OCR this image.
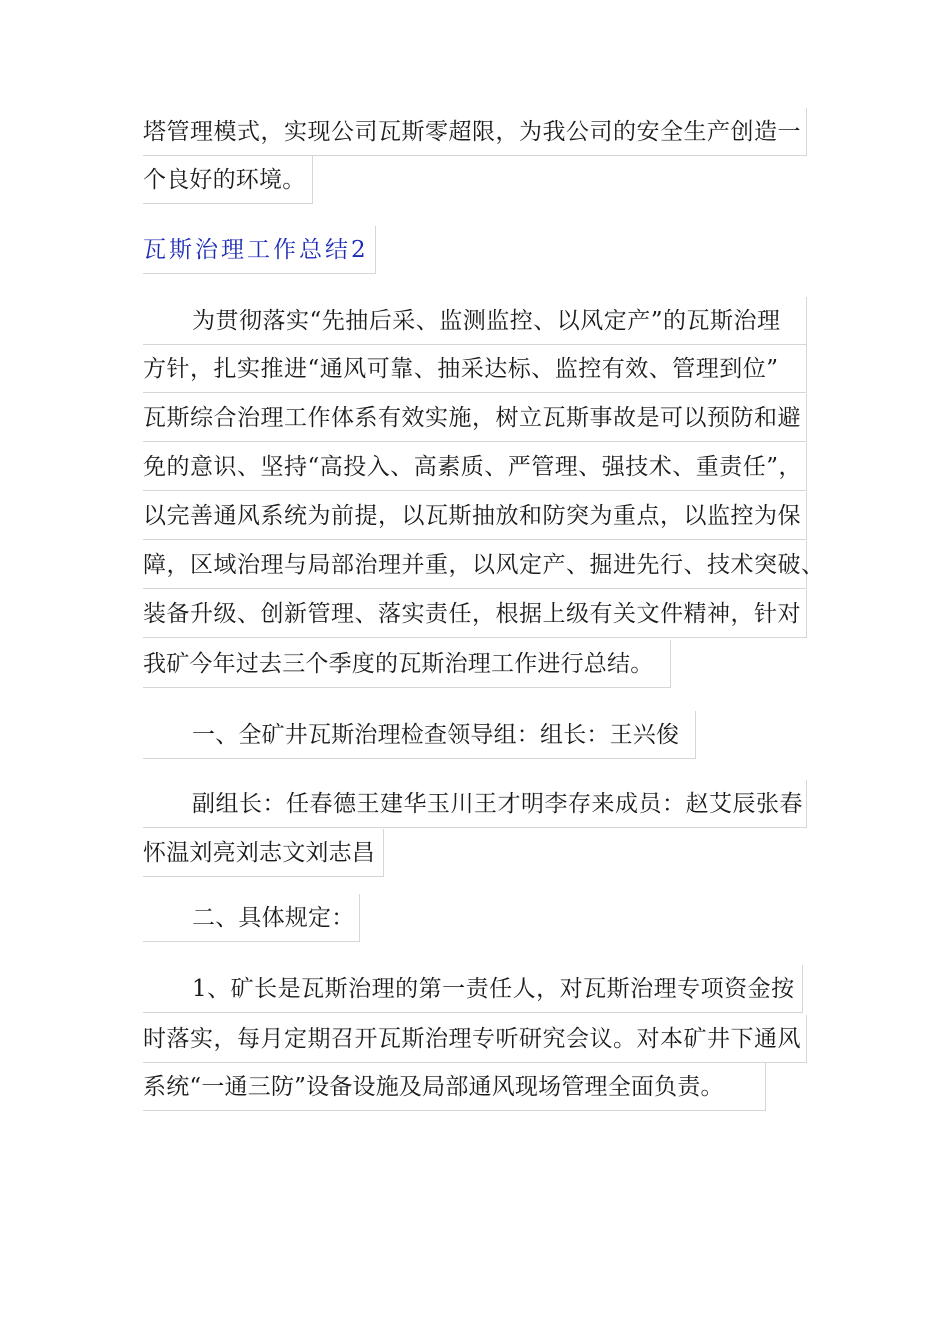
塔管理模式，实现公司瓦斯零超限，为我公司的安全生产创造一
个良好的环境。
瓦斯治理工作总结2
为贯彻落实“先抽后采、监测监控、以风定产”的瓦斯治理
方针，扎实推进“通风可靠、抽采达标、监控有效、管理到位”
瓦斯综合治理工作体系有效实施，树立瓦斯事故是可以预防和避
免的意识、坚持“高投入、高素质、严管理、强技术、重责任”，
以完善通风系统为前提，以瓦斯抽放和防突为重点，以监控为保
障，区域治理与局部治理并重，以风定产、掘进先行、技术突破、
装备升级、创新管理、落实责任，根据上级有关文件精神，针对
我矿今年过去三个季度的瓦斯治理工作进行总结。
一、全矿井瓦斯治理检查领导组：组长：王兴俊
副组长：任春德王建华玉川王才明李存来成员：赵艾辰张春
怀温刘亮刘志文刘志昌
二、具体规定：
1、矿长是瓦斯治理的第一责任人，对瓦斯治理专项资金按
时落实，每月定期召开瓦斯治理专听研究会议。对本矿井下通风
系统“一通三防”设备设施及局部通风现场管理全面负责。
